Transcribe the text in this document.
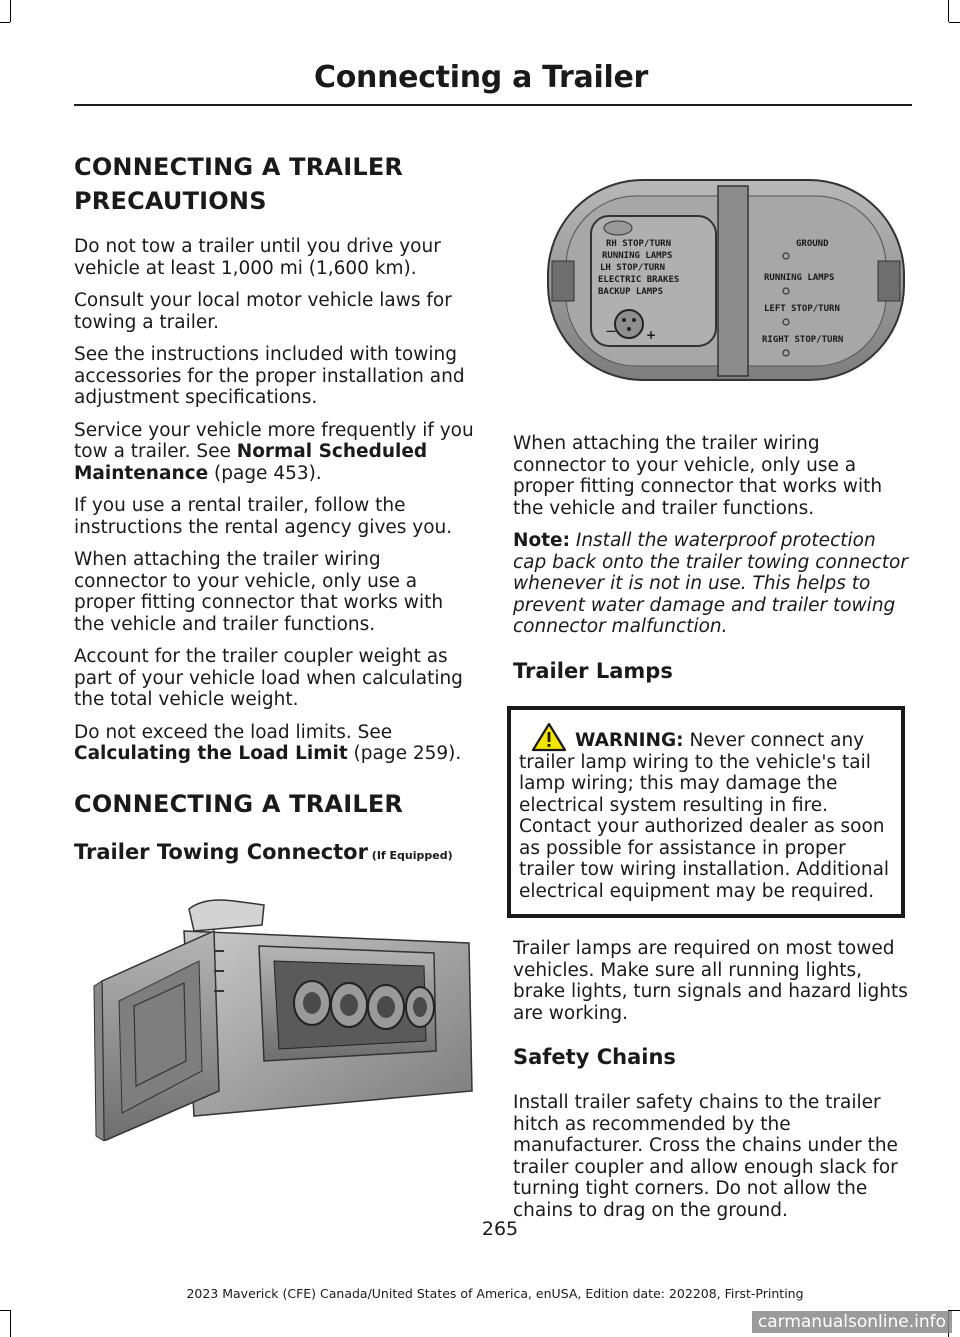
Connecting a Trailer
CONNECTING A TRAILER PRECAUTIONS

Do not tow a trailer until you drive your vehicle at least 1,000 mi (1,600 km).

Consult your local motor vehicle laws for towing a trailer.

See the instructions included with towing accessories for the proper installation and adjustment specifications.

Service your vehicle more frequently if you tow a trailer. See Normal Scheduled Maintenance (page 453).

If you use a rental trailer, follow the instructions the rental agency gives you.

When attaching the trailer wiring connector to your vehicle, only use a proper fitting connector that works with the vehicle and trailer functions.

Account for the trailer coupler weight as part of your vehicle load when calculating the total vehicle weight.

Do not exceed the load limits. See Calculating the Load Limit (page 259).

CONNECTING A TRAILER
Trailer Towing Connector (If Equipped)
RH STOP/TURN
RUNNING LAMPS
LH STOP/TURN
ELECTRIC BRAKES
BACKUP LAMPS
—	+
GROUND
RUNNING LAMPS
LEFT STOP/TURN
RIGHT STOP/TURN

When attaching the trailer wiring connector to your vehicle, only use a proper fitting connector that works with the vehicle and trailer functions.

Note: Install the waterproof protection cap back onto the trailer towing connector whenever it is not in use. This helps to prevent water damage and trailer towing connector malfunction.

Trailer Lamps
WARNING: Never connect any trailer lamp wiring to the vehicle's tail lamp wiring; this may damage the electrical system resulting in fire. Contact your authorized dealer as soon as possible for assistance in proper trailer tow wiring installation. Additional electrical equipment may be required.

Trailer lamps are required on most towed vehicles. Make sure all running lights, brake lights, turn signals and hazard lights are working.

Safety Chains

Install trailer safety chains to the trailer hitch as recommended by the manufacturer. Cross the chains under the trailer coupler and allow enough slack for turning tight corners. Do not allow the chains to drag on the ground.

265
2023 Maverick (CFE) Canada/United States of America, enUSA, Edition date: 202208, First-Printing
carmanualsonline.info
